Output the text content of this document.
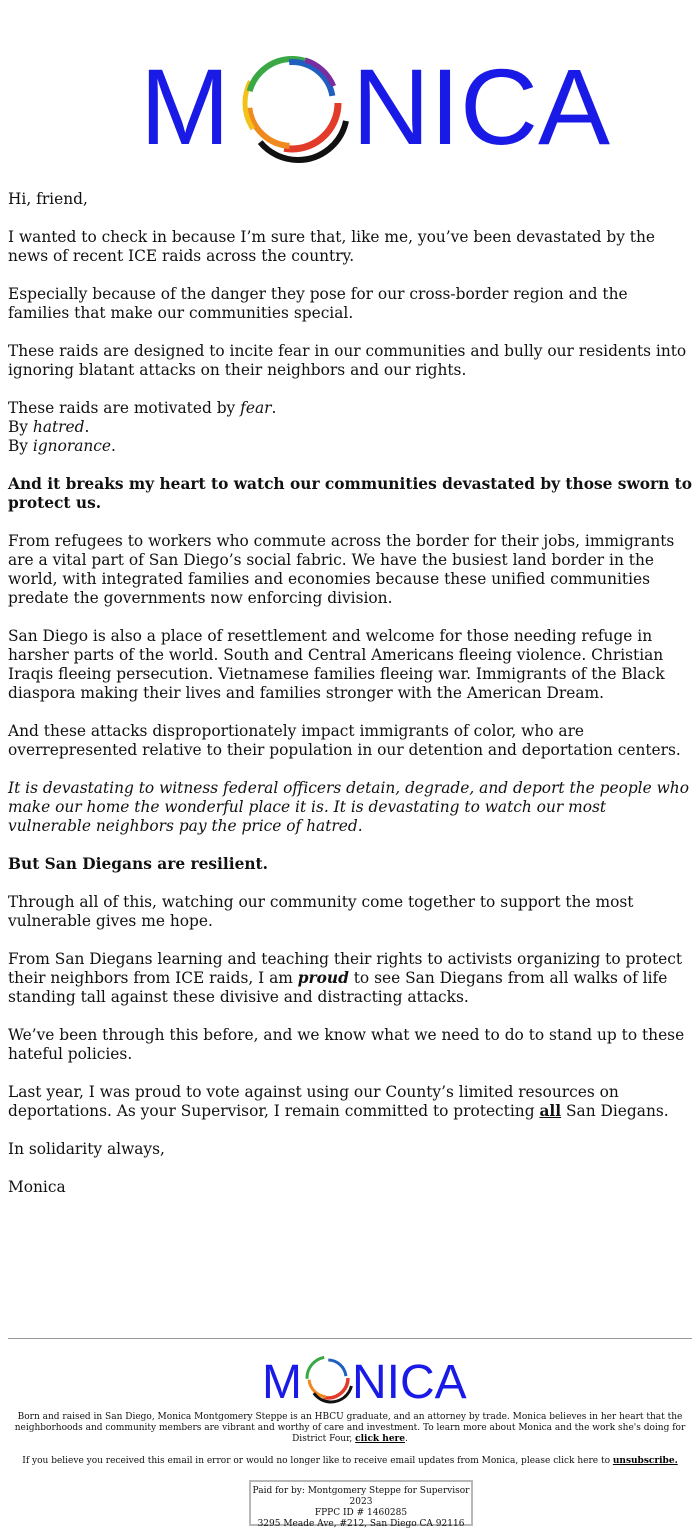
M NICA

Hi, friend,

I wanted to check in because I’m sure that, like me, you’ve been devastated by the news of recent ICE raids across the country.

Especially because of the danger they pose for our cross-border region and the families that make our communities special.

These raids are designed to incite fear in our communities and bully our residents into ignoring blatant attacks on their neighbors and our rights.

These raids are motivated by fear.

By hatred.

By ignorance.

And it breaks my heart to watch our communities devastated by those sworn to protect us.

From refugees to workers who commute across the border for their jobs, immigrants are a vital part of San Diego’s social fabric. We have the busiest land border in the world, with integrated families and economies because these unified communities predate the governments now enforcing division.

San Diego is also a place of resettlement and welcome for those needing refuge in harsher parts of the world. South and Central Americans fleeing violence. Christian Iraqis fleeing persecution. Vietnamese families fleeing war. Immigrants of the Black diaspora making their lives and families stronger with the American Dream.

And these attacks disproportionately impact immigrants of color, who are overrepresented relative to their population in our detention and deportation centers.

It is devastating to witness federal officers detain, degrade, and deport the people who make our home the wonderful place it is. It is devastating to watch our most vulnerable neighbors pay the price of hatred.

But San Diegans are resilient.

Through all of this, watching our community come together to support the most vulnerable gives me hope.

From San Diegans learning and teaching their rights to activists organizing to protect their neighbors from ICE raids, I am proud to see San Diegans from all walks of life standing tall against these divisive and distracting attacks.

We’ve been through this before, and we know what we need to do to stand up to these hateful policies.

Last year, I was proud to vote against using our County’s limited resources on deportations. As your Supervisor, I remain committed to protecting all San Diegans.

In solidarity always,

Monica

M NICA
Born and raised in San Diego, Monica Montgomery Steppe is an HBCU graduate, and an attorney by trade. Monica believes in her heart that the neighborhoods and community members are vibrant and worthy of care and investment. To learn more about Monica and the work she's doing for District Four, click here.
If you believe you received this email in error or would no longer like to receive email updates from Monica, please click here to unsubscribe.
Paid for by: Montgomery Steppe for Supervisor 2023
FPPC ID # 1460285
3295 Meade Ave, #212, San Diego CA 92116
